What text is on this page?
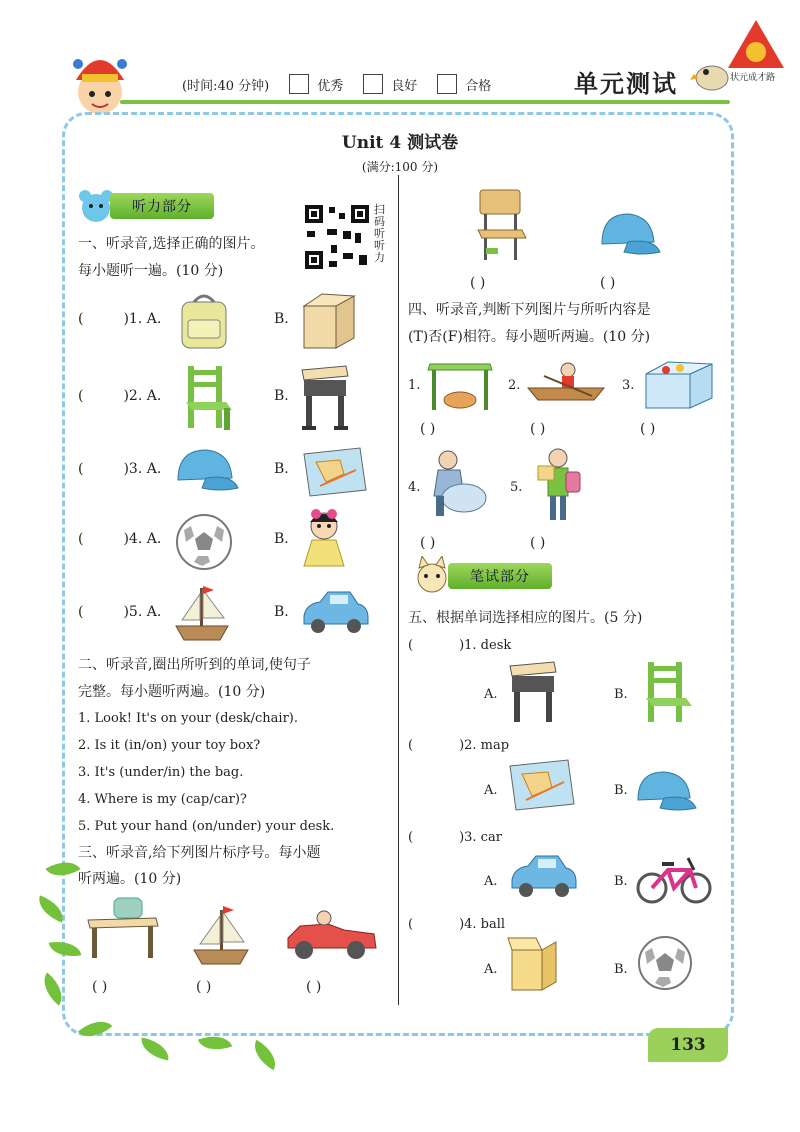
(时间:40 分钟)	优秀	良好	合格	单元测试	状元成才路
Unit 4 测试卷
(满分:100 分)
听力部分	扫码听听力
一、听录音,选择正确的图片。
每小题听一遍。(10 分)
(	)1. A.	B.
(	)2. A.	B.
(	)3. A.	B.
(	)4. A.	B.
(	)5. A.	B.
二、听录音,圈出所听到的单词,使句子
完整。每小题听两遍。(10 分)
1. Look! It's on your (desk/chair).
2. Is it (in/on) your toy box?
3. It's (under/in) the bag.
4. Where is my (cap/car)?
5. Put your hand (on/under) your desk.
三、听录音,给下列图片标序号。每小题
听两遍。(10 分)
( )	( )	( )
( )	( )
四、听录音,判断下列图片与所听内容是
(T)否(F)相符。每小题听两遍。(10 分)
1.	2.	3.
( )	( )	( )
4.	5.
( )	( )
笔试部分
五、根据单词选择相应的图片。(5 分)
(	)1. desk
A.	B.
(	)2. map
A.	B.
(	)3. car
A.	B.
(	)4. ball
A.	B.
133
